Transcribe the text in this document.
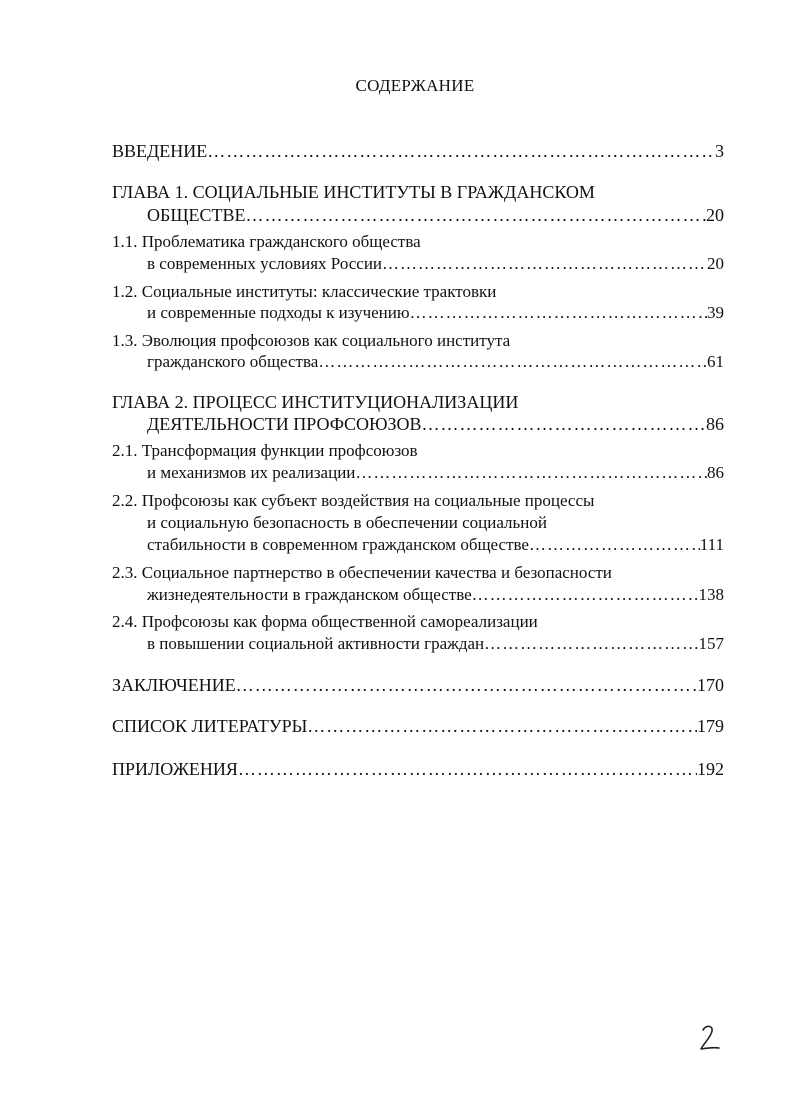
СОДЕРЖАНИЕ
ВВЕДЕНИЕ ……………………………………………………………………………………………………………………………………………………………………………………	3
ГЛАВА 1. СОЦИАЛЬНЫЕ ИНСТИТУТЫ В ГРАЖДАНСКОМ
ОБЩЕСТВЕ ……………………………………………………………………………………………………………………………………………………………………………………	20
1.1. Проблематика гражданского общества
в современных условиях России ……………………………………………………………………………………………………………………………………………………………………………………	20
1.2. Социальные институты: классические трактовки
и современные подходы к изучению ……………………………………………………………………………………………………………………………………………………………………………………	39
1.3. Эволюция профсоюзов как социального института
гражданского общества ……………………………………………………………………………………………………………………………………………………………………………………	61
ГЛАВА 2. ПРОЦЕСС ИНСТИТУЦИОНАЛИЗАЦИИ
ДЕЯТЕЛЬНОСТИ ПРОФСОЮЗОВ ……………………………………………………………………………………………………………………………………………………………………………………	86
2.1. Трансформация функции профсоюзов
и механизмов их реализации ……………………………………………………………………………………………………………………………………………………………………………………	86
2.2. Профсоюзы как субъект воздействия на социальные процессы
и социальную безопасность в обеспечении социальной
стабильности в современном гражданском обществе ……………………………………………………………………………………………………………………………………………………………………………………	111
2.3. Социальное партнерство в обеспечении качества и безопасности
жизнедеятельности в гражданском обществе ……………………………………………………………………………………………………………………………………………………………………………………	138
2.4. Профсоюзы как форма общественной самореализации
в повышении социальной активности граждан ……………………………………………………………………………………………………………………………………………………………………………………	157
ЗАКЛЮЧЕНИЕ ……………………………………………………………………………………………………………………………………………………………………………………	170
СПИСОК ЛИТЕРАТУРЫ ……………………………………………………………………………………………………………………………………………………………………………………	179
ПРИЛОЖЕНИЯ ……………………………………………………………………………………………………………………………………………………………………………………	192
